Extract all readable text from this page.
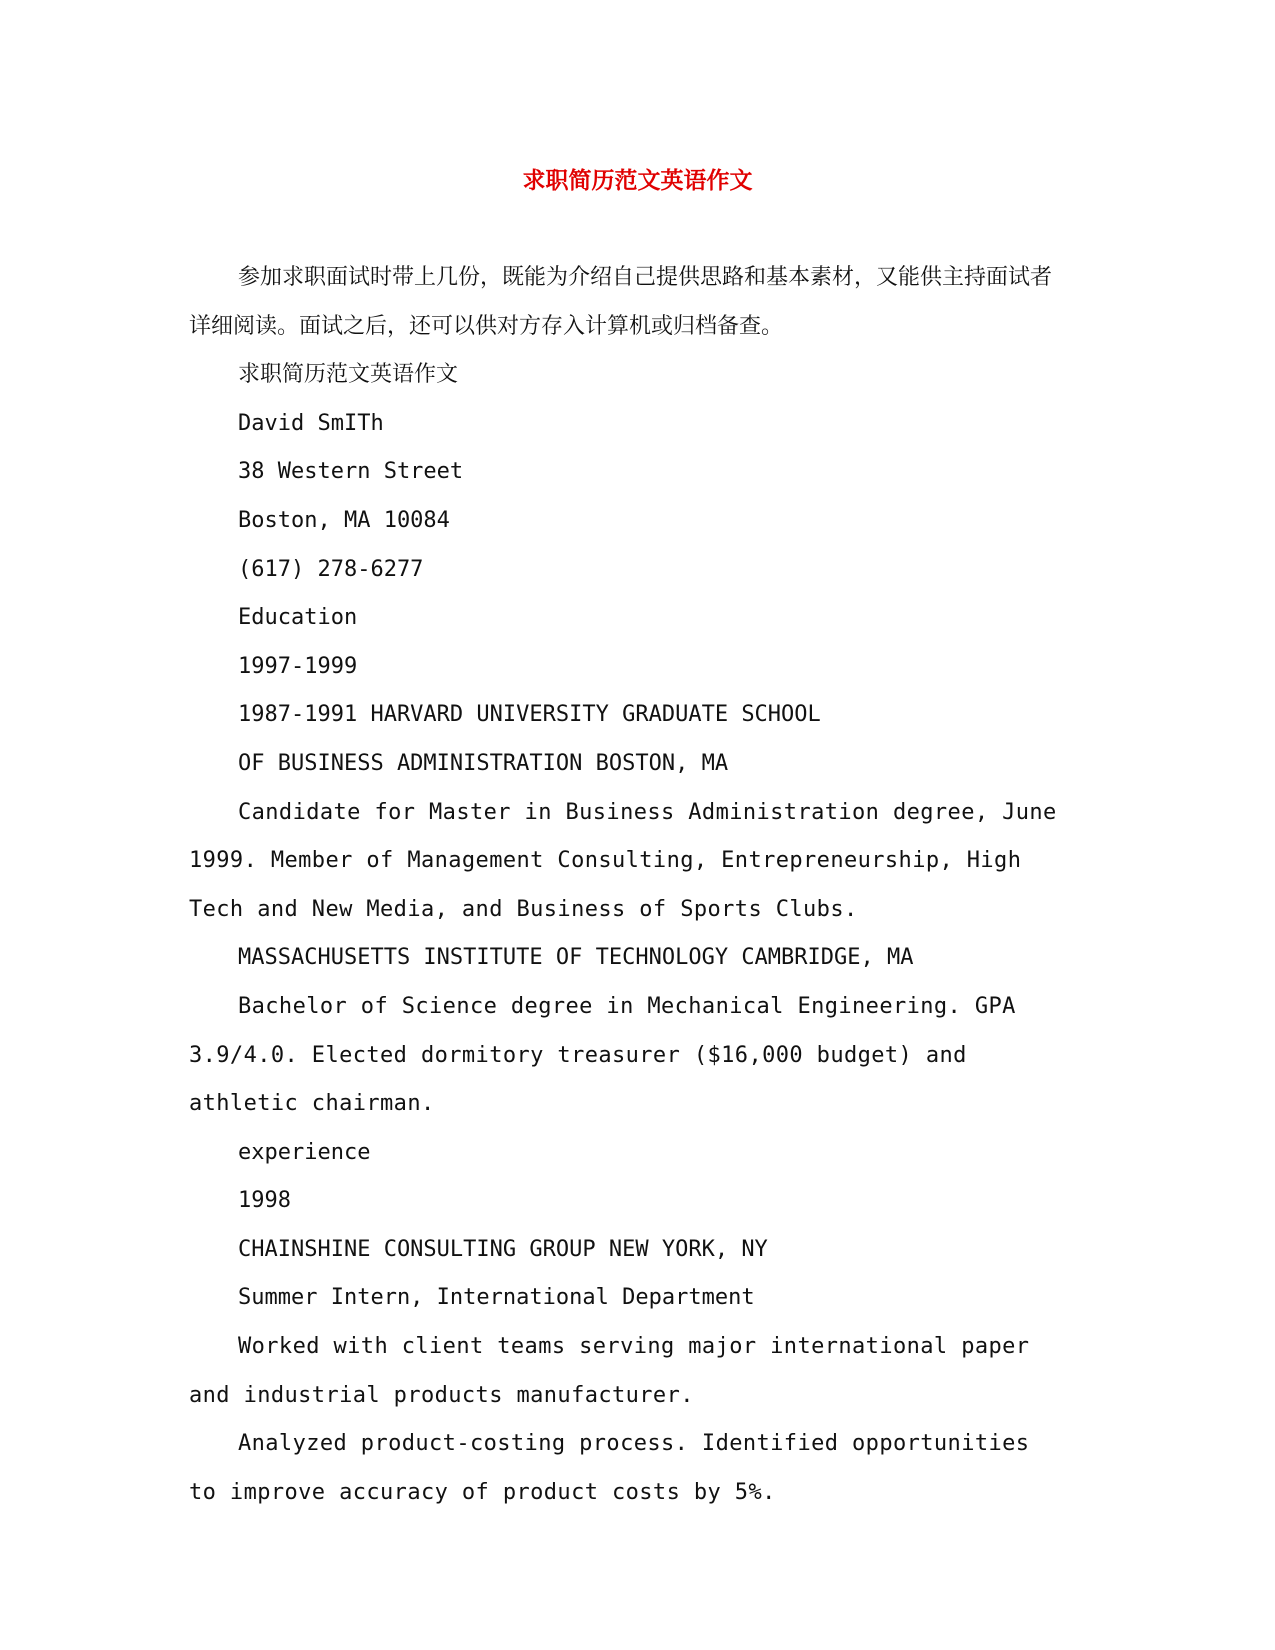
求职简历范文英语作文

参加求职面试时带上几份，既能为介绍自己提供思路和基本素材，又能供主持面试者详细阅读。面试之后，还可以供对方存入计算机或归档备查。

求职简历范文英语作文

David SmITh

38 Western Street

Boston, MA 10084

(617) 278-6277

Education

1997-1999

1987-1991 HARVARD UNIVERSITY GRADUATE SCHOOL

OF BUSINESS ADMINISTRATION BOSTON, MA

Candidate for Master in Business Administration degree, June 1999. Member of Management Consulting, Entrepreneurship, High Tech and New Media, and Business of Sports Clubs.

MASSACHUSETTS INSTITUTE OF TECHNOLOGY CAMBRIDGE, MA

Bachelor of Science degree in Mechanical Engineering. GPA 3.9/4.0. Elected dormitory treasurer ($16,000 budget) and athletic chairman.

experience

1998

CHAINSHINE CONSULTING GROUP NEW YORK, NY

Summer Intern, International Department

Worked with client teams serving major international paper and industrial products manufacturer.

Analyzed product-costing process. Identified opportunities to improve accuracy of product costs by 5%.
